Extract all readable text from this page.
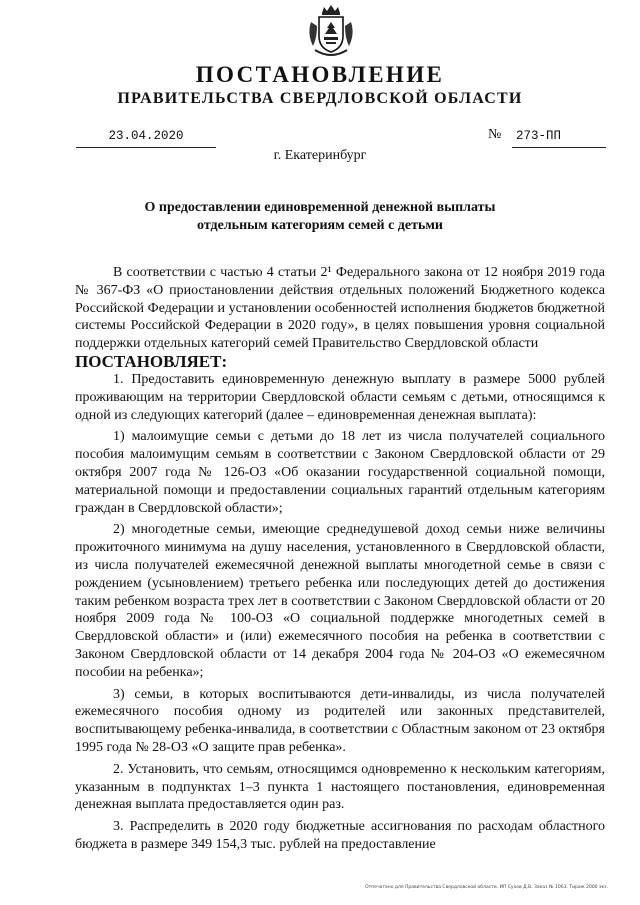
ПОСТАНОВЛЕНИЕ
ПРАВИТЕЛЬСТВА СВЕРДЛОВСКОЙ ОБЛАСТИ
23.04.2020	№	273-ПП
г. Екатеринбург
О предоставлении единовременной денежной выплаты
отдельным категориям семей с детьми

В соответствии с частью 4 статьи 2¹ Федерального закона от 12 ноября 2019 года № 367-ФЗ «О приостановлении действия отдельных положений Бюджетного кодекса Российской Федерации и установлении особенностей исполнения бюджетов бюджетной системы Российской Федерации в 2020 году», в целях повышения уровня социальной поддержки отдельных категорий семей Правительство Свердловской области

ПОСТАНОВЛЯЕТ:

1. Предоставить единовременную денежную выплату в размере 5000 рублей проживающим на территории Свердловской области семьям с детьми, относящимся к одной из следующих категорий (далее – единовременная денежная выплата):

1) малоимущие семьи с детьми до 18 лет из числа получателей социального пособия малоимущим семьям в соответствии с Законом Свердловской области от 29 октября 2007 года № 126-ОЗ «Об оказании государственной социальной помощи, материальной помощи и предоставлении социальных гарантий отдельным категориям граждан в Свердловской области»;

2) многодетные семьи, имеющие среднедушевой доход семьи ниже величины прожиточного минимума на душу населения, установленного в Свердловской области, из числа получателей ежемесячной денежной выплаты многодетной семье в связи с рождением (усыновлением) третьего ребенка или последующих детей до достижения таким ребенком возраста трех лет в соответствии с Законом Свердловской области от 20 ноября 2009 года № 100-ОЗ «О социальной поддержке многодетных семей в Свердловской области» и (или) ежемесячного пособия на ребенка в соответствии с Законом Свердловской области от 14 декабря 2004 года № 204-ОЗ «О ежемесячном пособии на ребенка»;

3) семьи, в которых воспитываются дети-инвалиды, из числа получателей ежемесячного пособия одному из родителей или законных представителей, воспитывающему ребенка-инвалида, в соответствии с Областным законом от 23 октября 1995 года № 28-ОЗ «О защите прав ребенка».

2. Установить, что семьям, относящимся одновременно к нескольким категориям, указанным в подпунктах 1–3 пункта 1 настоящего постановления, единовременная денежная выплата предоставляется один раз.

3. Распределить в 2020 году бюджетные ассигнования по расходам областного бюджета в размере 349 154,3 тыс. рублей на предоставление

Отпечатано для Правительства Свердловской области. ИП Сухов Д.В. Заказ № 1063. Тираж 2000 экз.
